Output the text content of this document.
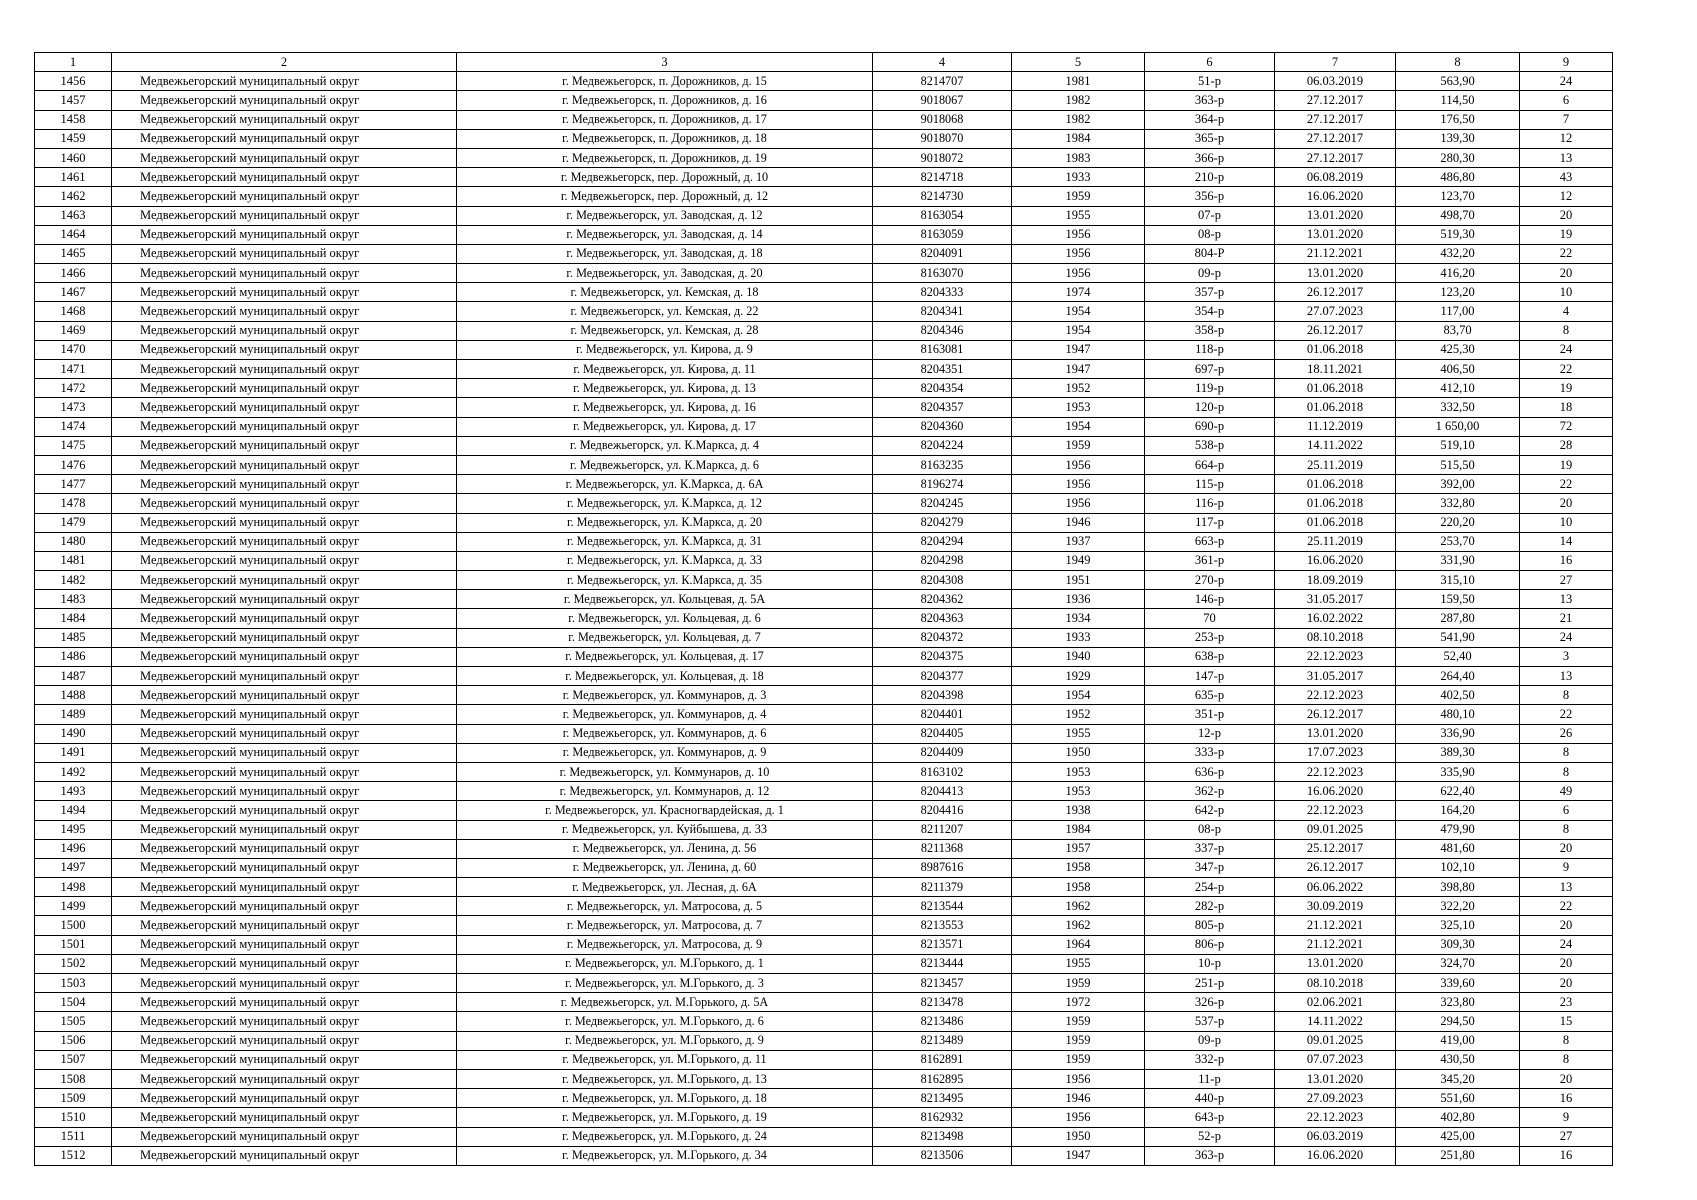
1	2	3	4	5	6	7	8	9
1456	Медвежьегорский муниципальный округ	г. Медвежьегорск, п. Дорожников, д. 15	8214707	1981	51-р	06.03.2019	563,90	24
1457	Медвежьегорский муниципальный округ	г. Медвежьегорск, п. Дорожников, д. 16	9018067	1982	363-р	27.12.2017	114,50	6
1458	Медвежьегорский муниципальный округ	г. Медвежьегорск, п. Дорожников, д. 17	9018068	1982	364-р	27.12.2017	176,50	7
1459	Медвежьегорский муниципальный округ	г. Медвежьегорск, п. Дорожников, д. 18	9018070	1984	365-р	27.12.2017	139,30	12
1460	Медвежьегорский муниципальный округ	г. Медвежьегорск, п. Дорожников, д. 19	9018072	1983	366-р	27.12.2017	280,30	13
1461	Медвежьегорский муниципальный округ	г. Медвежьегорск, пер. Дорожный, д. 10	8214718	1933	210-р	06.08.2019	486,80	43
1462	Медвежьегорский муниципальный округ	г. Медвежьегорск, пер. Дорожный, д. 12	8214730	1959	356-р	16.06.2020	123,70	12
1463	Медвежьегорский муниципальный округ	г. Медвежьегорск, ул. Заводская, д. 12	8163054	1955	07-р	13.01.2020	498,70	20
1464	Медвежьегорский муниципальный округ	г. Медвежьегорск, ул. Заводская, д. 14	8163059	1956	08-р	13.01.2020	519,30	19
1465	Медвежьегорский муниципальный округ	г. Медвежьегорск, ул. Заводская, д. 18	8204091	1956	804-Р	21.12.2021	432,20	22
1466	Медвежьегорский муниципальный округ	г. Медвежьегорск, ул. Заводская, д. 20	8163070	1956	09-р	13.01.2020	416,20	20
1467	Медвежьегорский муниципальный округ	г. Медвежьегорск, ул. Кемская, д. 18	8204333	1974	357-р	26.12.2017	123,20	10
1468	Медвежьегорский муниципальный округ	г. Медвежьегорск, ул. Кемская, д. 22	8204341	1954	354-р	27.07.2023	117,00	4
1469	Медвежьегорский муниципальный округ	г. Медвежьегорск, ул. Кемская, д. 28	8204346	1954	358-р	26.12.2017	83,70	8
1470	Медвежьегорский муниципальный округ	г. Медвежьегорск, ул. Кирова, д. 9	8163081	1947	118-р	01.06.2018	425,30	24
1471	Медвежьегорский муниципальный округ	г. Медвежьегорск, ул. Кирова, д. 11	8204351	1947	697-р	18.11.2021	406,50	22
1472	Медвежьегорский муниципальный округ	г. Медвежьегорск, ул. Кирова, д. 13	8204354	1952	119-р	01.06.2018	412,10	19
1473	Медвежьегорский муниципальный округ	г. Медвежьегорск, ул. Кирова, д. 16	8204357	1953	120-р	01.06.2018	332,50	18
1474	Медвежьегорский муниципальный округ	г. Медвежьегорск, ул. Кирова, д. 17	8204360	1954	690-р	11.12.2019	1 650,00	72
1475	Медвежьегорский муниципальный округ	г. Медвежьегорск, ул. К.Маркса, д. 4	8204224	1959	538-р	14.11.2022	519,10	28
1476	Медвежьегорский муниципальный округ	г. Медвежьегорск, ул. К.Маркса, д. 6	8163235	1956	664-р	25.11.2019	515,50	19
1477	Медвежьегорский муниципальный округ	г. Медвежьегорск, ул. К.Маркса, д. 6А	8196274	1956	115-р	01.06.2018	392,00	22
1478	Медвежьегорский муниципальный округ	г. Медвежьегорск, ул. К.Маркса, д. 12	8204245	1956	116-р	01.06.2018	332,80	20
1479	Медвежьегорский муниципальный округ	г. Медвежьегорск, ул. К.Маркса, д. 20	8204279	1946	117-р	01.06.2018	220,20	10
1480	Медвежьегорский муниципальный округ	г. Медвежьегорск, ул. К.Маркса, д. 31	8204294	1937	663-р	25.11.2019	253,70	14
1481	Медвежьегорский муниципальный округ	г. Медвежьегорск, ул. К.Маркса, д. 33	8204298	1949	361-р	16.06.2020	331,90	16
1482	Медвежьегорский муниципальный округ	г. Медвежьегорск, ул. К.Маркса, д. 35	8204308	1951	270-р	18.09.2019	315,10	27
1483	Медвежьегорский муниципальный округ	г. Медвежьегорск, ул. Кольцевая, д. 5А	8204362	1936	146-р	31.05.2017	159,50	13
1484	Медвежьегорский муниципальный округ	г. Медвежьегорск, ул. Кольцевая, д. 6	8204363	1934	70	16.02.2022	287,80	21
1485	Медвежьегорский муниципальный округ	г. Медвежьегорск, ул. Кольцевая, д. 7	8204372	1933	253-р	08.10.2018	541,90	24
1486	Медвежьегорский муниципальный округ	г. Медвежьегорск, ул. Кольцевая, д. 17	8204375	1940	638-р	22.12.2023	52,40	3
1487	Медвежьегорский муниципальный округ	г. Медвежьегорск, ул. Кольцевая, д. 18	8204377	1929	147-р	31.05.2017	264,40	13
1488	Медвежьегорский муниципальный округ	г. Медвежьегорск, ул. Коммунаров, д. 3	8204398	1954	635-р	22.12.2023	402,50	8
1489	Медвежьегорский муниципальный округ	г. Медвежьегорск, ул. Коммунаров, д. 4	8204401	1952	351-р	26.12.2017	480,10	22
1490	Медвежьегорский муниципальный округ	г. Медвежьегорск, ул. Коммунаров, д. 6	8204405	1955	12-р	13.01.2020	336,90	26
1491	Медвежьегорский муниципальный округ	г. Медвежьегорск, ул. Коммунаров, д. 9	8204409	1950	333-р	17.07.2023	389,30	8
1492	Медвежьегорский муниципальный округ	г. Медвежьегорск, ул. Коммунаров, д. 10	8163102	1953	636-р	22.12.2023	335,90	8
1493	Медвежьегорский муниципальный округ	г. Медвежьегорск, ул. Коммунаров, д. 12	8204413	1953	362-р	16.06.2020	622,40	49
1494	Медвежьегорский муниципальный округ	г. Медвежьегорск, ул. Красногвардейская, д. 1	8204416	1938	642-р	22.12.2023	164,20	6
1495	Медвежьегорский муниципальный округ	г. Медвежьегорск, ул. Куйбышева, д. 33	8211207	1984	08-р	09.01.2025	479,90	8
1496	Медвежьегорский муниципальный округ	г. Медвежьегорск, ул. Ленина, д. 56	8211368	1957	337-р	25.12.2017	481,60	20
1497	Медвежьегорский муниципальный округ	г. Медвежьегорск, ул. Ленина, д. 60	8987616	1958	347-р	26.12.2017	102,10	9
1498	Медвежьегорский муниципальный округ	г. Медвежьегорск, ул. Лесная, д. 6А	8211379	1958	254-р	06.06.2022	398,80	13
1499	Медвежьегорский муниципальный округ	г. Медвежьегорск, ул. Матросова, д. 5	8213544	1962	282-р	30.09.2019	322,20	22
1500	Медвежьегорский муниципальный округ	г. Медвежьегорск, ул. Матросова, д. 7	8213553	1962	805-р	21.12.2021	325,10	20
1501	Медвежьегорский муниципальный округ	г. Медвежьегорск, ул. Матросова, д. 9	8213571	1964	806-р	21.12.2021	309,30	24
1502	Медвежьегорский муниципальный округ	г. Медвежьегорск, ул. М.Горького, д. 1	8213444	1955	10-р	13.01.2020	324,70	20
1503	Медвежьегорский муниципальный округ	г. Медвежьегорск, ул. М.Горького, д. 3	8213457	1959	251-р	08.10.2018	339,60	20
1504	Медвежьегорский муниципальный округ	г. Медвежьегорск, ул. М.Горького, д. 5А	8213478	1972	326-р	02.06.2021	323,80	23
1505	Медвежьегорский муниципальный округ	г. Медвежьегорск, ул. М.Горького, д. 6	8213486	1959	537-р	14.11.2022	294,50	15
1506	Медвежьегорский муниципальный округ	г. Медвежьегорск, ул. М.Горького, д. 9	8213489	1959	09-р	09.01.2025	419,00	8
1507	Медвежьегорский муниципальный округ	г. Медвежьегорск, ул. М.Горького, д. 11	8162891	1959	332-р	07.07.2023	430,50	8
1508	Медвежьегорский муниципальный округ	г. Медвежьегорск, ул. М.Горького, д. 13	8162895	1956	11-р	13.01.2020	345,20	20
1509	Медвежьегорский муниципальный округ	г. Медвежьегорск, ул. М.Горького, д. 18	8213495	1946	440-р	27.09.2023	551,60	16
1510	Медвежьегорский муниципальный округ	г. Медвежьегорск, ул. М.Горького, д. 19	8162932	1956	643-р	22.12.2023	402,80	9
1511	Медвежьегорский муниципальный округ	г. Медвежьегорск, ул. М.Горького, д. 24	8213498	1950	52-р	06.03.2019	425,00	27
1512	Медвежьегорский муниципальный округ	г. Медвежьегорск, ул. М.Горького, д. 34	8213506	1947	363-р	16.06.2020	251,80	16
